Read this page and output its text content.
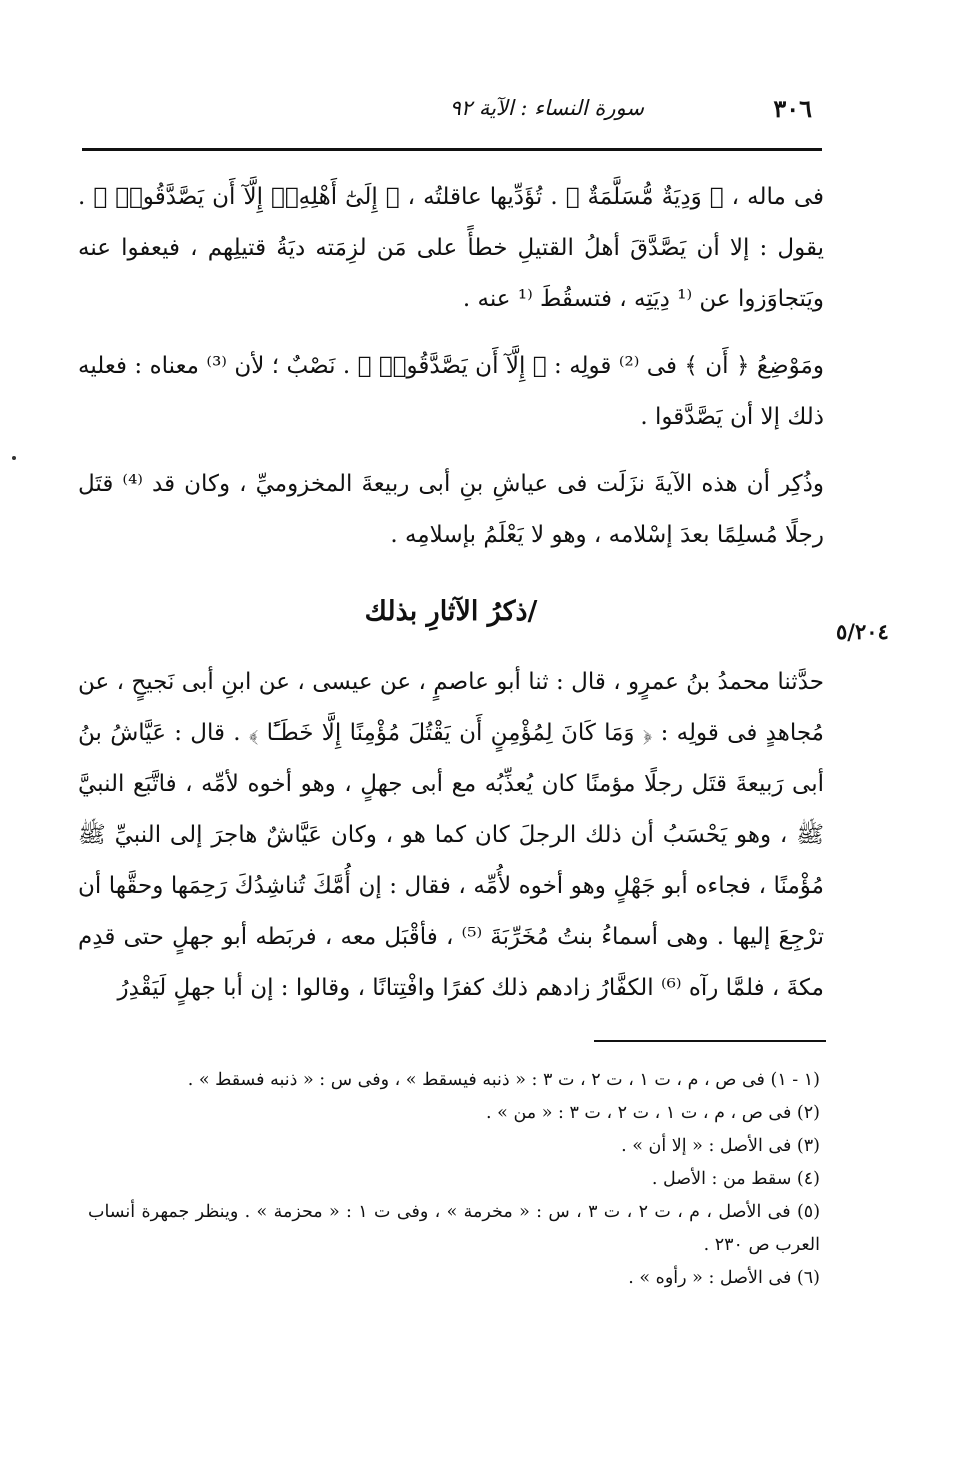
٣٠٦
سورة النساء : الآية ٩٢
٥/٢٠٤

فى ماله ، ﴿ وَدِيَةٌ مُّسَلَّمَةٌ ﴾ . تُؤَدِّيها عاقلتُه ، ﴿ إِلَىٰٓ أَهْلِهِۦٓ إِلَّآ أَن يَصَّدَّقُوا۟ ﴾ . يقول : إلا أن يَصَّدَّقَ أهلُ القتيلِ خطأً على مَن لزِمَته ديَةُ قتيلِهم ، فيعفوا عنه ويَتجاوَزوا عن ⁽¹ دِيَتِه ، فتسقُطَ ⁽¹ عنه .

ومَوْضِعُ ﴿ أَن ﴾ فى ⁽²⁾ قولِه : ﴿ إِلَّآ أَن يَصَّدَّقُوا۟ ﴾ . نَصْبٌ ؛ لأن ⁽³⁾ معناه : فعليه ذلك إلا أن يَصَّدَّقوا .

وذُكِر أن هذه الآيةَ نزَلَت فى عياشِ بنِ أبى ربيعةَ المخزوميِّ ، وكان قد ⁽⁴⁾ قتَل رجلًا مُسلِمًا بعدَ إسْلامه ، وهو لا يَعْلَمُ بإسلامِه .

/ذكرُ الآثارِ بذلك

حدَّثنا محمدُ بنُ عمرٍو ، قال : ثنا أبو عاصمٍ ، عن عيسى ، عن ابنِ أبى نَجيحٍ ، عن مُجاهدٍ فى قولِه : ﴿ وَمَا كَانَ لِمُؤْمِنٍ أَن يَقْتُلَ مُؤْمِنًا إِلَّا خَطَـًٔا ﴾ . قال : عَيَّاشُ بنُ أبى رَبيعةَ قتَل رجلًا مؤمنًا كان يُعذِّبُه مع أبى جهلٍ ، وهو أخوه لأمِّه ، فاتَّبَع النبيَّ ﷺ ، وهو يَحْسَبُ أن ذلك الرجلَ كان كما هو ، وكان عَيَّاشٌ هاجرَ إلى النبيِّ ﷺ مُؤْمنًا ، فجاءه أبو جَهْلٍ وهو أخوه لأُمِّه ، فقال : إن أُمَّكَ تُناشِدُكَ رَحِمَها وحقَّها أن ترْجِعَ إليها . وهى أسماءُ بنتُ مُخَرِّبَةَ ⁽⁵⁾ ، فأقْبَل معه ، فربَطه أبو جهلٍ حتى قدِم مكةَ ، فلمَّا رآه ⁽⁶⁾ الكفَّارُ زادهم ذلك كفرًا وافْتِتانًا ، وقالوا : إن أبا جهلٍ لَيَقْدِرُ

(١ - ١) فى ص ، م ، ت ١ ، ت ٢ ، ت ٣ : « ذنبه فيسقط » ، وفى س : « ذنبه فسقط » .

(٢) فى ص ، م ، ت ١ ، ت ٢ ، ت ٣ : « من » .

(٣) فى الأصل : « إلا أن » .

(٤) سقط من : الأصل .

(٥) فى الأصل ، م ، ت ٢ ، ت ٣ ، س : « مخرمة » ، وفى ت ١ : « محزمة » . وينظر جمهرة أنساب العرب ص ٢٣٠ .

(٦) فى الأصل : « رأوه » .
